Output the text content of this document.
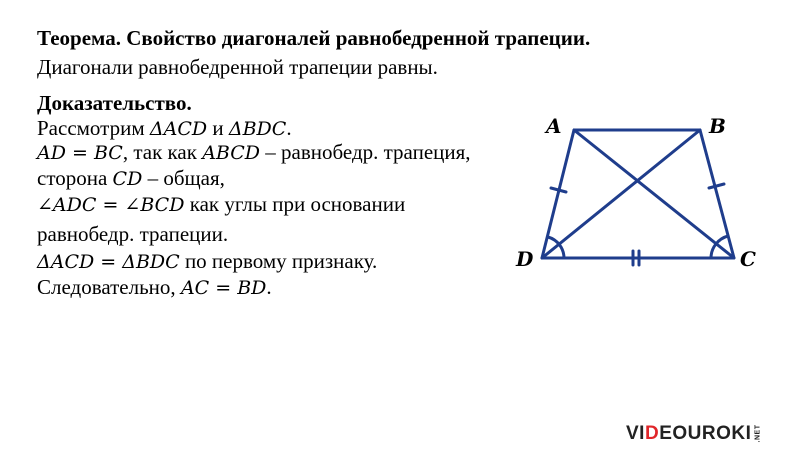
Теорема. Свойство диагоналей равнобедренной трапеции.
Диагонали равнобедренной трапеции равны.
Доказательство.
Рассмотрим ΔACD и ΔBDC.
AD = BC, так как ABCD – равнобедр. трапеция,
сторона CD – общая,
∠ADC = ∠BCD как углы при основании
равнобедр. трапеции.
ΔACD = ΔBDC по первому признаку.
Следовательно, AC = BD.
A	B
C
D
VIDEOUROKI .NET
